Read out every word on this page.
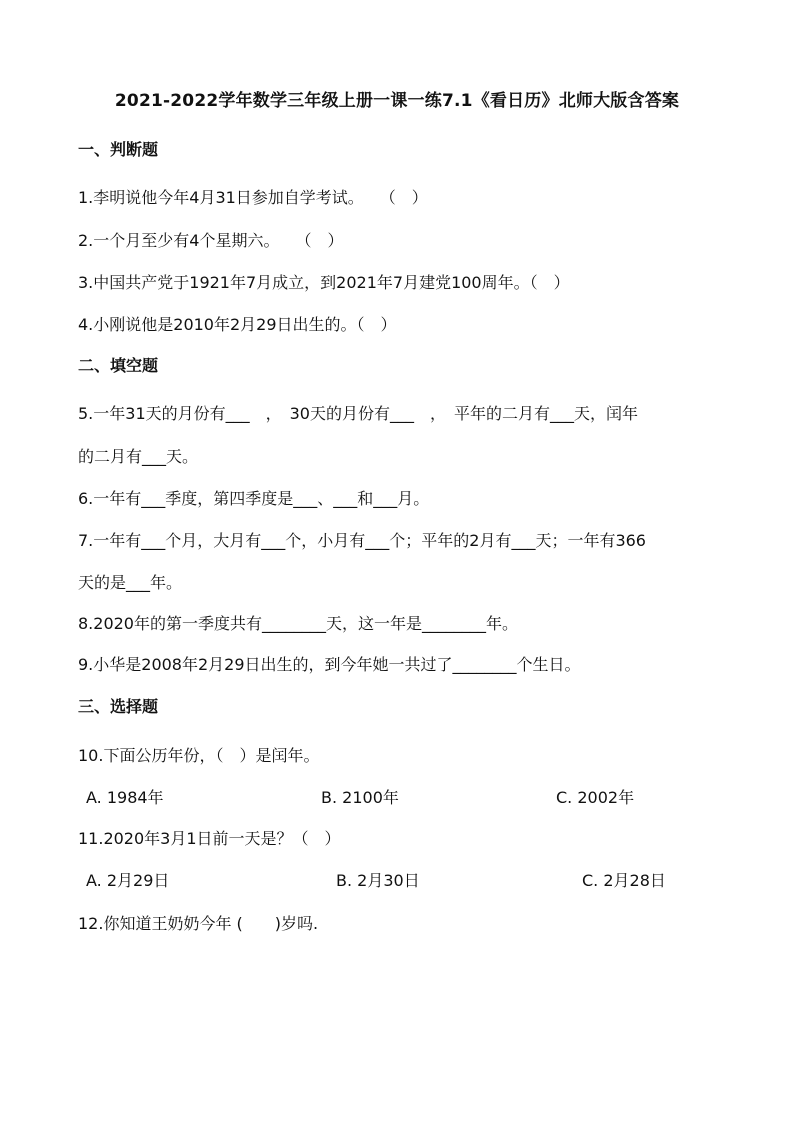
2021-2022学年数学三年级上册一课一练7.1《看日历》北师大版含答案
一、判断题
1.李明说他今年4月31日参加自学考试。　　（　）
2.一个月至少有4个星期六。　　（　）
3.中国共产党于1921年7月成立，到2021年7月建党100周年。（　）
4.小刚说他是2010年2月29日出生的。（　）
二、填空题
5.一年31天的月份有___　，　30天的月份有___　，　平年的二月有___天，闰年
的二月有___天。
6.一年有___季度，第四季度是___、___和___月。
7.一年有___个月，大月有___个，小月有___个；平年的2月有___天；一年有366
天的是___年。
8.2020年的第一季度共有________天，这一年是________年。
9.小华是2008年2月29日出生的，到今年她一共过了________个生日。
三、选择题
10.下面公历年份，（　）是闰年。
A. 1984年	B. 2100年	C. 2002年
11.2020年3月1日前一天是？（　）
A. 2月29日	B. 2月30日	C. 2月28日
12.你知道王奶奶今年 (　　)岁吗.
